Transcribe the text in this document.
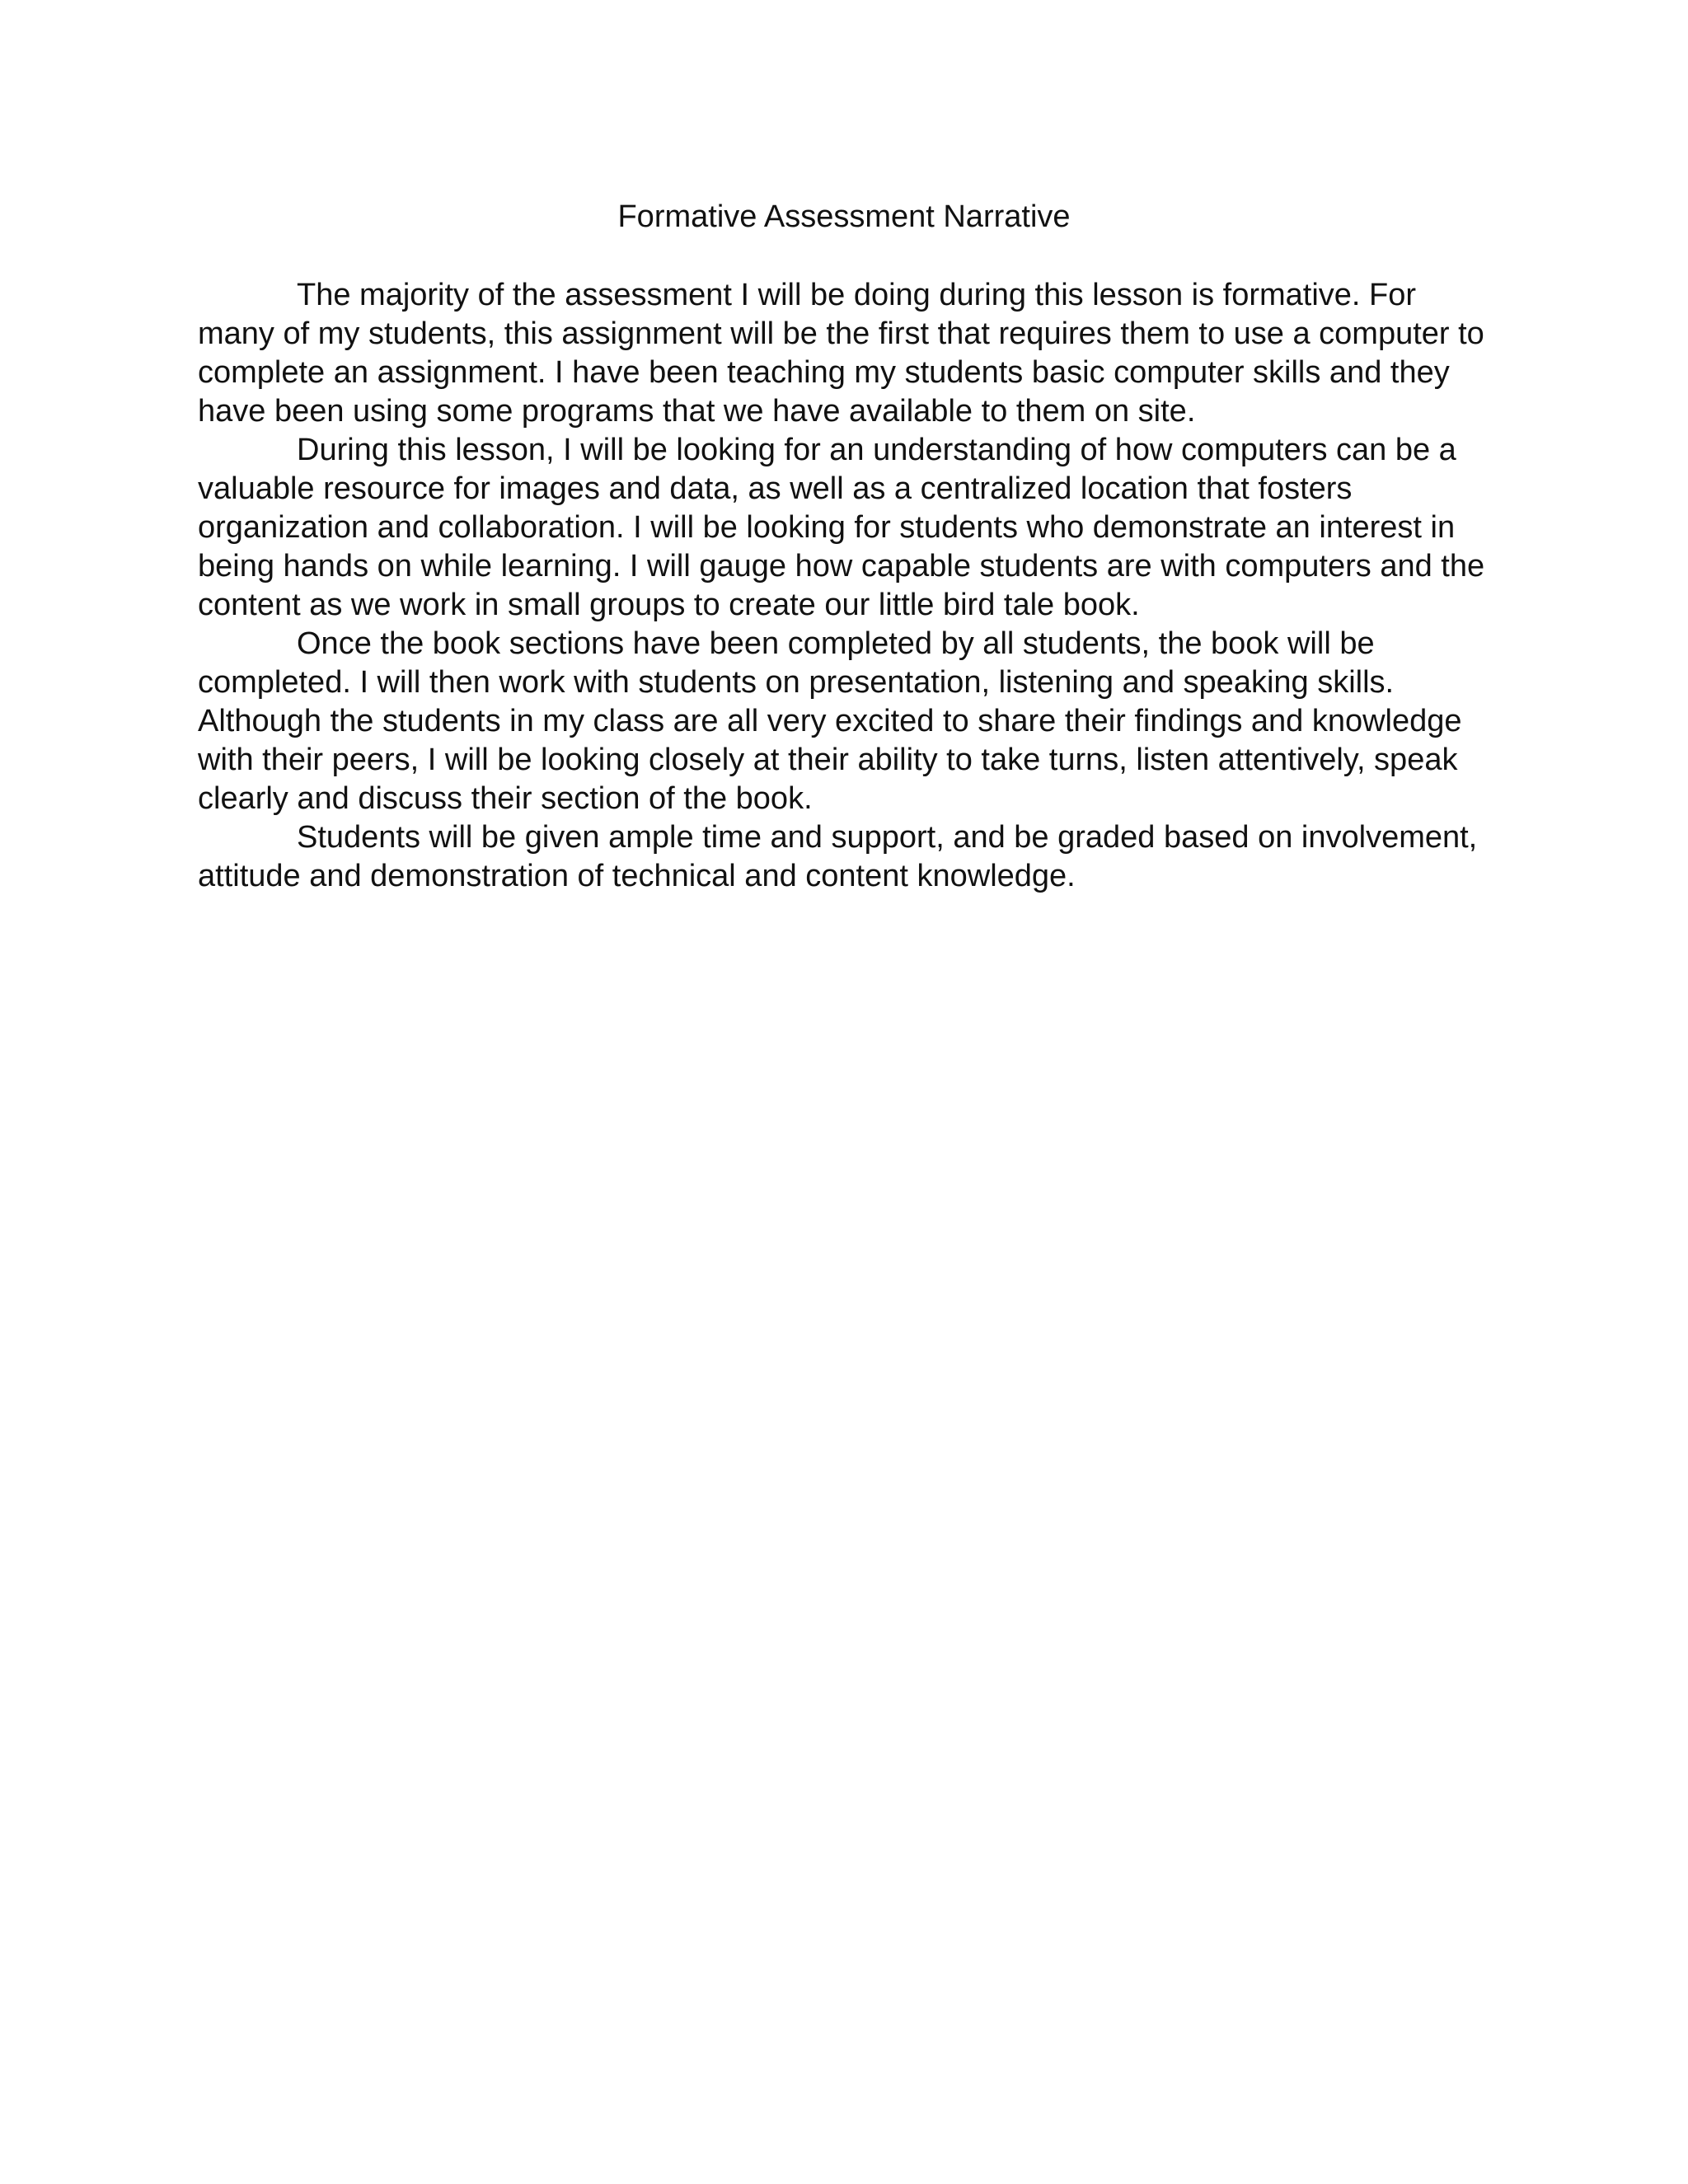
Formative Assessment Narrative

The majority of the assessment I will be doing during this lesson is formative. For many of my students, this assignment will be the first that requires them to use a computer to complete an assignment. I have been teaching my students basic computer skills and they have been using some programs that we have available to them on site.

During this lesson, I will be looking for an understanding of how computers can be a valuable resource for images and data, as well as a centralized location that fosters organization and collaboration. I will be looking for students who demonstrate an interest in being hands on while learning. I will gauge how capable students are with computers and the content as we work in small groups to create our little bird tale book.

Once the book sections have been completed by all students, the book will be completed. I will then work with students on presentation, listening and speaking skills. Although the students in my class are all very excited to share their findings and knowledge with their peers, I will be looking closely at their ability to take turns, listen attentively, speak clearly and discuss their section of the book.

Students will be given ample time and support, and be graded based on involvement, attitude and demonstration of technical and content knowledge.
